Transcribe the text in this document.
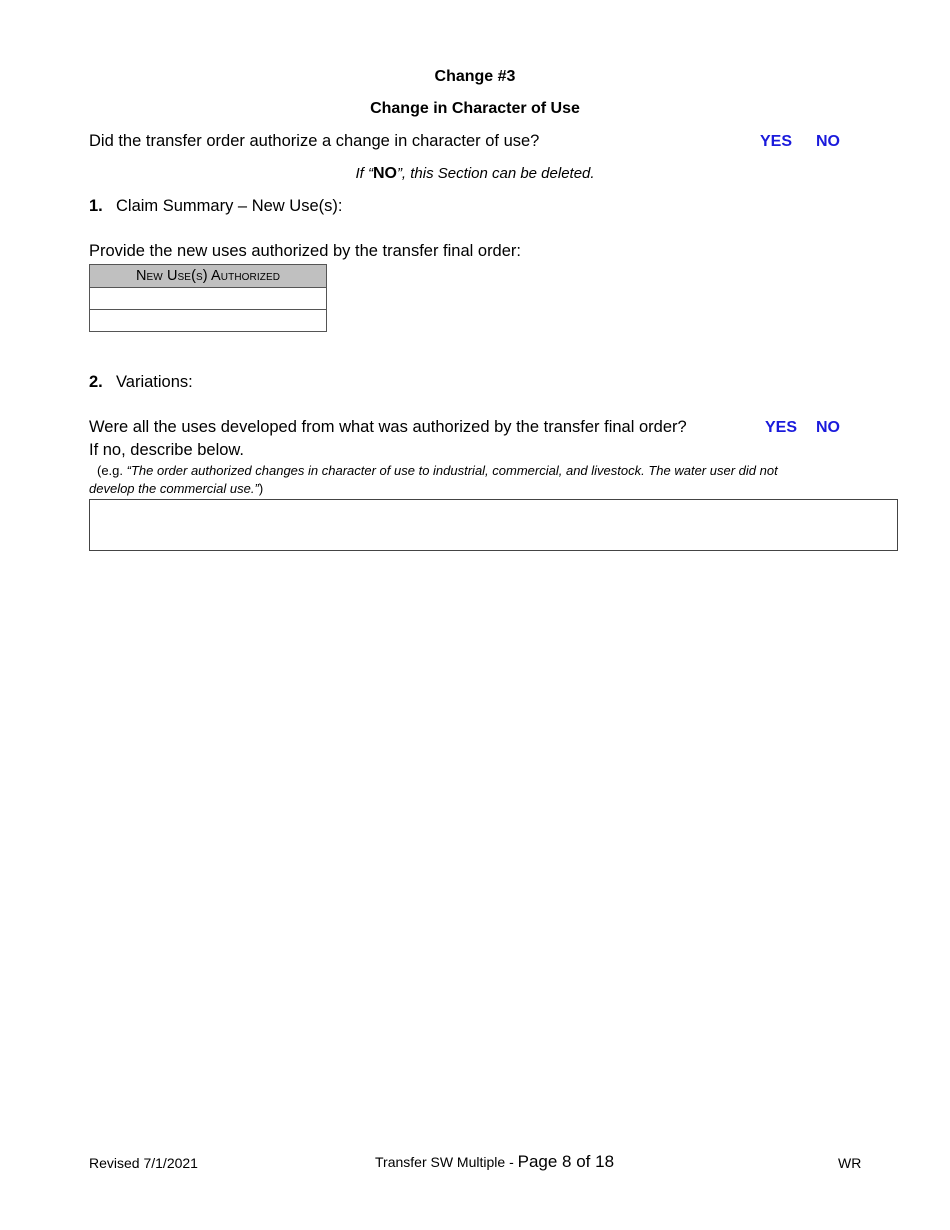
Change #3
Change in Character of Use
Did the transfer order authorize a change in character of use?	YES NO
If “NO”, this Section can be deleted.
1. Claim Summary – New Use(s):
Provide the new uses authorized by the transfer final order:
New Use(s) Authorized

2. Variations:
Were all the uses developed from what was authorized by the transfer final order?	YES NO
If no, describe below.
(e.g. “The order authorized changes in character of use to industrial, commercial, and livestock. The water user did not
develop the commercial use.”)
Revised 7/1/2021	Transfer SW Multiple - Page 8 of 18	WR
